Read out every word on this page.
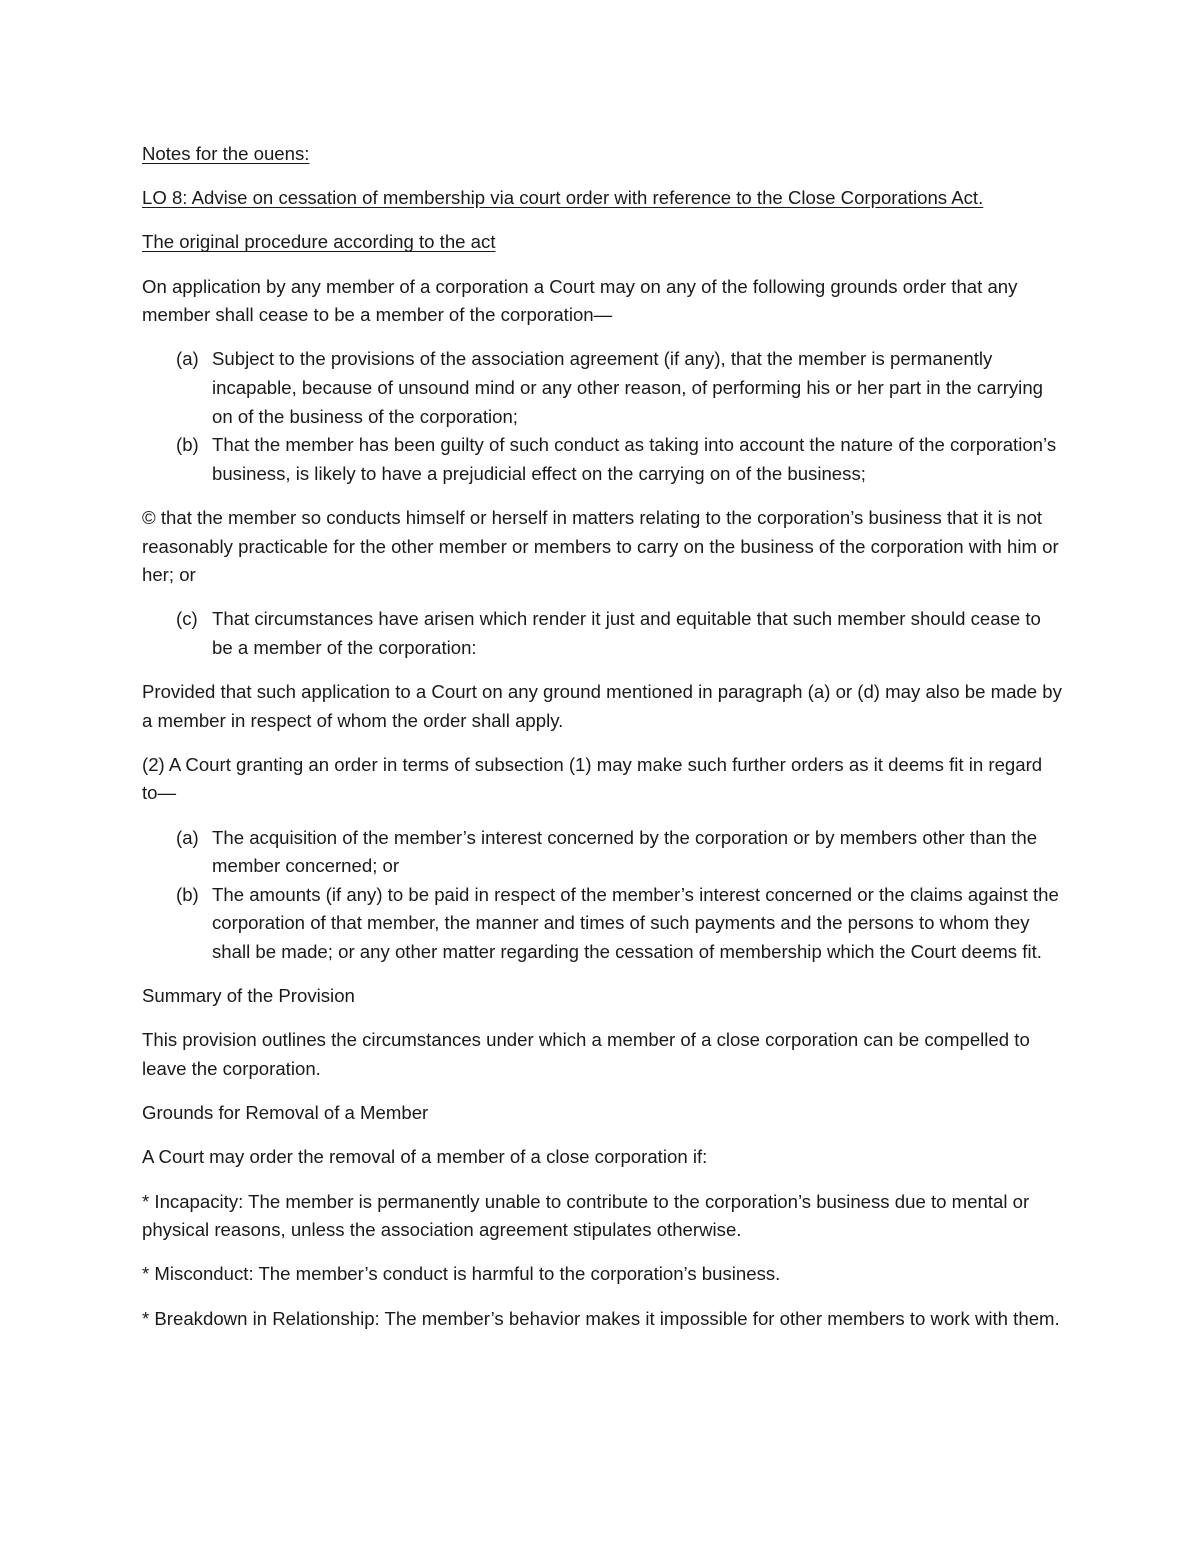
Notes for the ouens:

LO 8: Advise on cessation of membership via court order with reference to the Close Corporations Act.

The original procedure according to the act

On application by any member of a corporation a Court may on any of the following grounds order that any member shall cease to be a member of the corporation—

(a) Subject to the provisions of the association agreement (if any), that the member is permanently incapable, because of unsound mind or any other reason, of performing his or her part in the carrying on of the business of the corporation;
(b) That the member has been guilty of such conduct as taking into account the nature of the corporation’s business, is likely to have a prejudicial effect on the carrying on of the business;

© that the member so conducts himself or herself in matters relating to the corporation’s business that it is not reasonably practicable for the other member or members to carry on the business of the corporation with him or her; or

(c) That circumstances have arisen which render it just and equitable that such member should cease to be a member of the corporation:

Provided that such application to a Court on any ground mentioned in paragraph (a) or (d) may also be made by a member in respect of whom the order shall apply.

(2) A Court granting an order in terms of subsection (1) may make such further orders as it deems fit in regard to—

(a) The acquisition of the member’s interest concerned by the corporation or by members other than the member concerned; or
(b) The amounts (if any) to be paid in respect of the member’s interest concerned or the claims against the corporation of that member, the manner and times of such payments and the persons to whom they shall be made; or any other matter regarding the cessation of membership which the Court deems fit.

Summary of the Provision

This provision outlines the circumstances under which a member of a close corporation can be compelled to leave the corporation.

Grounds for Removal of a Member

A Court may order the removal of a member of a close corporation if:

* Incapacity: The member is permanently unable to contribute to the corporation’s business due to mental or physical reasons, unless the association agreement stipulates otherwise.

* Misconduct: The member’s conduct is harmful to the corporation’s business.

* Breakdown in Relationship: The member’s behavior makes it impossible for other members to work with them.
